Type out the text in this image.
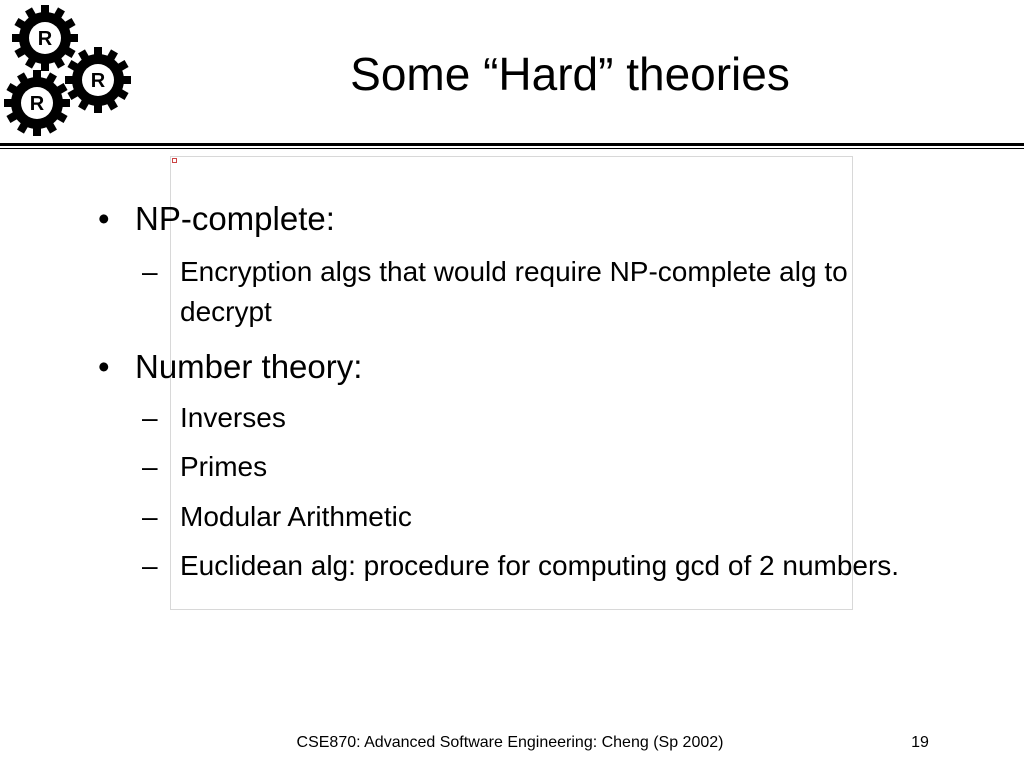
R
R
R
Some “Hard” theories
• NP-complete:
– Encryption algs that would require NP-complete alg to decrypt
• Number theory:
– Inverses
– Primes
– Modular Arithmetic
– Euclidean alg: procedure for computing gcd of 2 numbers.
CSE870: Advanced Software Engineering: Cheng (Sp 2002)	19
